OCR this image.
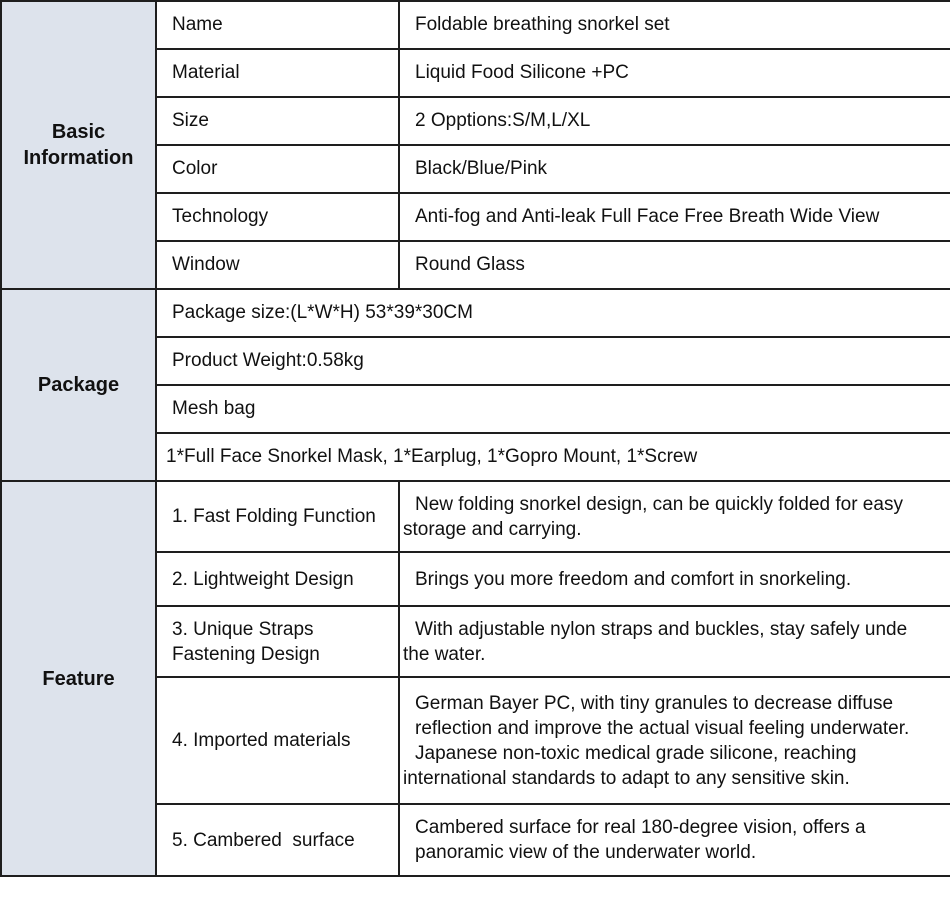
Basic
Information	Name	Foldable breathing snorkel set
	Material	Liquid Food Silicone +PC
	Size	2 Opptions:S/M,L/XL
	Color	Black/Blue/Pink
	Technology	Anti-fog and Anti-leak Full Face Free Breath Wide View
	Window	Round Glass
Package	Package size:(L*W*H) 53*39*30CM	
	Product Weight:0.58kg	
	Mesh bag	
	1*Full Face Snorkel Mask, 1*Earplug, 1*Gopro Mount, 1*Screw	
Feature	1. Fast Folding Function	New folding snorkel design, can be quickly folded for easy
storage and carrying.

	2. Lightweight Design	Brings you more freedom and comfort in snorkeling.

	3. Unique Straps
Fastening Design	With adjustable nylon straps and buckles, stay safely unde
the water.

	4. Imported materials	German Bayer PC, with tiny granules to decrease diffuse
reflection and improve the actual visual feeling underwater.
Japanese non-toxic medical grade silicone, reaching
international standards to adapt to any sensitive skin.

	5. Cambered  surface	Cambered surface for real 180-degree vision, offers a
panoramic view of the underwater world.
